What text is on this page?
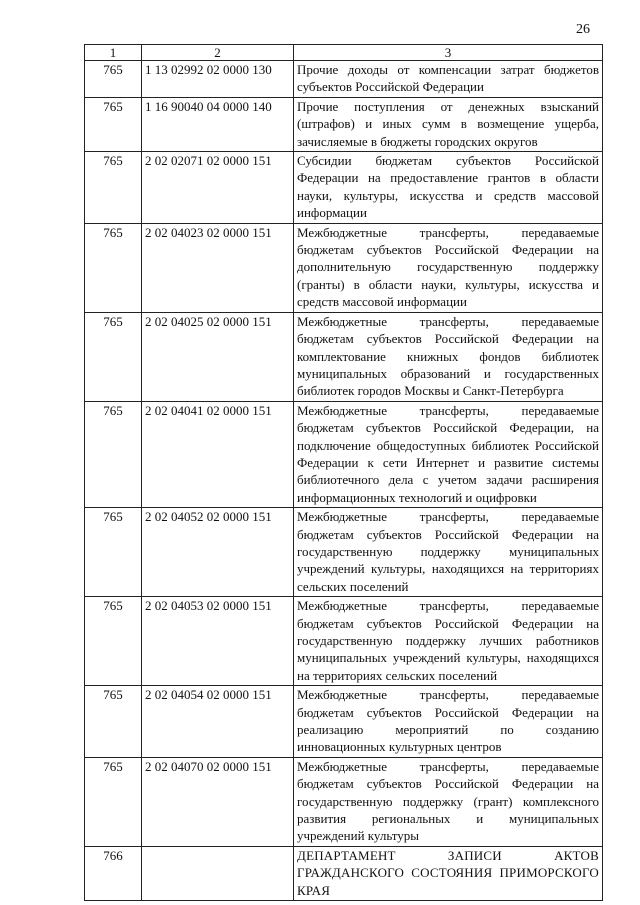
26
1	2	3
765	1 13 02992 02 0000 130	Прочие доходы от компенсации затрат бюджетов субъектов Российской Федерации
765	1 16 90040 04 0000 140	Прочие поступления от денежных взысканий (штрафов) и иных сумм в возмещение ущерба, зачисляемые в бюджеты городских округов
765	2 02 02071 02 0000 151	Субсидии бюджетам субъектов Российской Федерации на предоставление грантов в области науки, культуры, искусства и средств массовой информации
765	2 02 04023 02 0000 151	Межбюджетные трансферты, передаваемые бюджетам субъектов Российской Федерации на дополнительную государственную поддержку (гранты) в области науки, культуры, искусства и средств массовой информации
765	2 02 04025 02 0000 151	Межбюджетные трансферты, передаваемые бюджетам субъектов Российской Федерации на комплектование книжных фондов библиотек муниципальных образований и государственных библиотек городов Москвы и Санкт-Петербурга
765	2 02 04041 02 0000 151	Межбюджетные трансферты, передаваемые бюджетам субъектов Российской Федерации, на подключение общедоступных библиотек Российской Федерации к сети Интернет и развитие системы библиотечного дела с учетом задачи расширения информационных технологий и оцифровки
765	2 02 04052 02 0000 151	Межбюджетные трансферты, передаваемые бюджетам субъектов Российской Федерации на государственную поддержку муниципальных учреждений культуры, находящихся на территориях сельских поселений
765	2 02 04053 02 0000 151	Межбюджетные трансферты, передаваемые бюджетам субъектов Российской Федерации на государственную поддержку лучших работников муниципальных учреждений культуры, находящихся на территориях сельских поселений
765	2 02 04054 02 0000 151	Межбюджетные трансферты, передаваемые бюджетам субъектов Российской Федерации на реализацию мероприятий по созданию инновационных культурных центров
765	2 02 04070 02 0000 151	Межбюджетные трансферты, передаваемые бюджетам субъектов Российской Федерации на государственную поддержку (грант) комплексного развития региональных и муниципальных учреждений культуры
766		ДЕПАРТАМЕНТ ЗАПИСИ АКТОВ ГРАЖДАНСКОГО СОСТОЯНИЯ ПРИМОРСКОГО КРАЯ
